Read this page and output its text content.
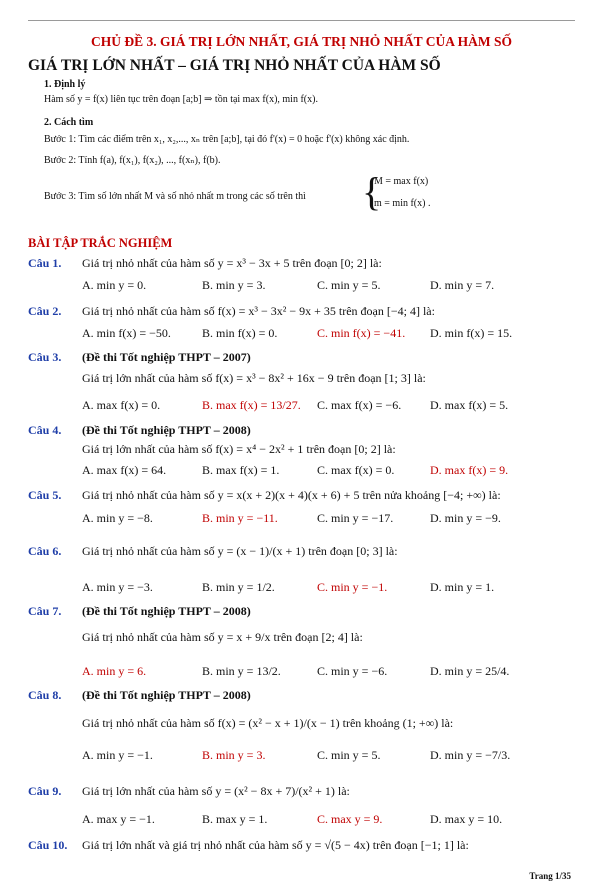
CHỦ ĐỀ 3. GIÁ TRỊ LỚN NHẤT, GIÁ TRỊ NHỎ NHẤT CỦA HÀM SỐ
GIÁ TRỊ LỚN NHẤT – GIÁ TRỊ NHỎ NHẤT CỦA HÀM SỐ
1. Định lý
Hàm số y = f(x) liên tục trên đoạn [a;b] ⇒ tồn tại max f(x), min f(x).
2. Cách tìm
Bước 1: Tìm các điểm trên x₁, x₂,..., xₙ trên [a;b], tại đó f'(x) = 0 hoặc f'(x) không xác định.
Bước 2: Tính f(a), f(x₁), f(x₂), ..., f(xₙ), f(b).
Bước 3: Tìm số lớn nhất M và số nhỏ nhất m trong các số trên thì {
M = max f(x)
m = min f(x) .
BÀI TẬP TRẮC NGHIỆM
Câu 1.	Giá trị nhỏ nhất của hàm số y = x³ − 3x + 5 trên đoạn [0; 2] là:
A. min y = 0.	B. min y = 3.	C. min y = 5.	D. min y = 7.
Câu 2.	Giá trị nhỏ nhất của hàm số f(x) = x³ − 3x² − 9x + 35 trên đoạn [−4; 4] là:
A. min f(x) = −50.	B. min f(x) = 0.	C. min f(x) = −41. D. min f(x) = 15.
Câu 3.	(Đề thi Tốt nghiệp THPT – 2007)
Giá trị lớn nhất của hàm số f(x) = x³ − 8x² + 16x − 9 trên đoạn [1; 3] là:
A. max f(x) = 0.	B. max f(x) = 13/27. C. max f(x) = −6. D. max f(x) = 5.
Câu 4.	(Đề thi Tốt nghiệp THPT – 2008)
Giá trị lớn nhất của hàm số f(x) = x⁴ − 2x² + 1 trên đoạn [0; 2] là:
A. max f(x) = 64.	B. max f(x) = 1.	C. max f(x) = 0.	D. max f(x) = 9.
Câu 5.	Giá trị nhỏ nhất của hàm số y = x(x + 2)(x + 4)(x + 6) + 5 trên nửa khoảng [−4; +∞) là:
A. min y = −8.	B. min y = −11.	C. min y = −17.	D. min y = −9.
Câu 6.	Giá trị nhỏ nhất của hàm số y = (x − 1)/(x + 1) trên đoạn [0; 3] là:
A. min y = −3.	B. min y = 1/2.	C. min y = −1.	D. min y = 1.
Câu 7.	(Đề thi Tốt nghiệp THPT – 2008)
Giá trị nhỏ nhất của hàm số y = x + 9/x trên đoạn [2; 4] là:
A. min y = 6.	B. min y = 13/2.	C. min y = −6.	D. min y = 25/4.
Câu 8.	(Đề thi Tốt nghiệp THPT – 2008)
Giá trị nhỏ nhất của hàm số f(x) = (x² − x + 1)/(x − 1) trên khoảng (1; +∞) là:
A. min y = −1.	B. min y = 3.	C. min y = 5.	D. min y = −7/3.
Câu 9.	Giá trị lớn nhất của hàm số y = (x² − 8x + 7)/(x² + 1) là:
A. max y = −1.	B. max y = 1.	C. max y = 9.	D. max y = 10.
Câu 10.	Giá trị lớn nhất và giá trị nhỏ nhất của hàm số y = √(5 − 4x) trên đoạn [−1; 1] là:
Trang 1/35
